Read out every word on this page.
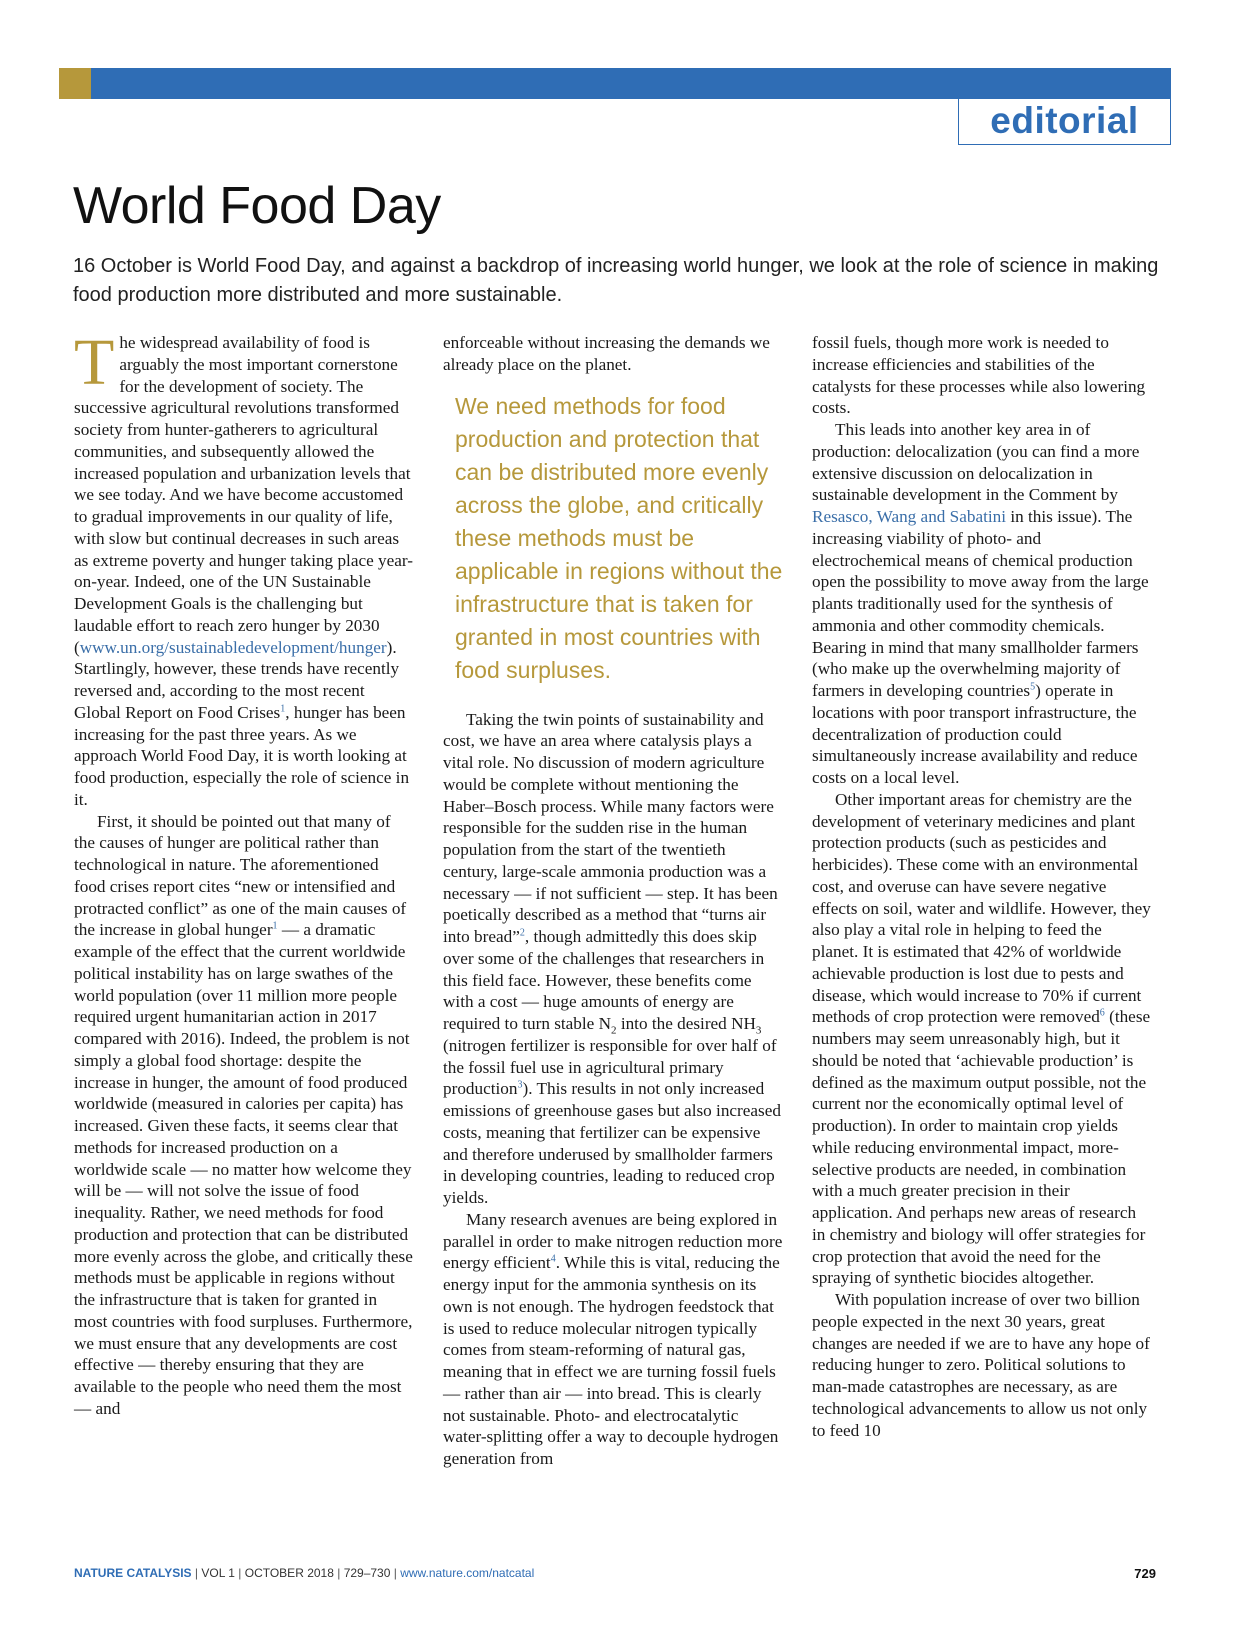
editorial
World Food Day

16 October is World Food Day, and against a backdrop of increasing world hunger, we look at the role of science in making food production more distributed and more sustainable.

The widespread availability of food is arguably the most important cornerstone for the development of society. The successive agricultural revolutions transformed society from hunter-gatherers to agricultural communities, and subsequently allowed the increased population and urbanization levels that we see today. And we have become accustomed to gradual improvements in our quality of life, with slow but continual decreases in such areas as extreme poverty and hunger taking place year-on-year. Indeed, one of the UN Sustainable Development Goals is the challenging but laudable effort to reach zero hunger by 2030 (www.un.org/sustainabledevelopment/hunger). Startlingly, however, these trends have recently reversed and, according to the most recent Global Report on Food Crises$^1$, hunger has been increasing for the past three years. As we approach World Food Day, it is worth looking at food production, especially the role of science in it.

First, it should be pointed out that many of the causes of hunger are political rather than technological in nature. The aforementioned food crises report cites “new or intensified and protracted conflict” as one of the main causes of the increase in global hunger$^1$ — a dramatic example of the effect that the current worldwide political instability has on large swathes of the world population (over 11 million more people required urgent humanitarian action in 2017 compared with 2016). Indeed, the problem is not simply a global food shortage: despite the increase in hunger, the amount of food produced worldwide (measured in calories per capita) has increased. Given these facts, it seems clear that methods for increased production on a worldwide scale — no matter how welcome they will be — will not solve the issue of food inequality. Rather, we need methods for food production and protection that can be distributed more evenly across the globe, and critically these methods must be applicable in regions without the infrastructure that is taken for granted in most countries with food surpluses. Furthermore, we must ensure that any developments are cost effective — thereby ensuring that they are available to the people who need them the most — and

enforceable without increasing the demands we already place on the planet.

We need methods for food production and protection that can be distributed more evenly across the globe, and critically these methods must be applicable in regions without the infrastructure that is taken for granted in most countries with food surpluses.

Taking the twin points of sustainability and cost, we have an area where catalysis plays a vital role. No discussion of modern agriculture would be complete without mentioning the Haber–Bosch process. While many factors were responsible for the sudden rise in the human population from the start of the twentieth century, large-scale ammonia production was a necessary — if not sufficient — step. It has been poetically described as a method that “turns air into bread”$^2$, though admittedly this does skip over some of the challenges that researchers in this field face. However, these benefits come with a cost — huge amounts of energy are required to turn stable $N_2$ into the desired $NH_3$ (nitrogen fertilizer is responsible for over half of the fossil fuel use in agricultural primary production$^3$). This results in not only increased emissions of greenhouse gases but also increased costs, meaning that fertilizer can be expensive and therefore underused by smallholder farmers in developing countries, leading to reduced crop yields.

Many research avenues are being explored in parallel in order to make nitrogen reduction more energy efficient$^4$. While this is vital, reducing the energy input for the ammonia synthesis on its own is not enough. The hydrogen feedstock that is used to reduce molecular nitrogen typically comes from steam-reforming of natural gas, meaning that in effect we are turning fossil fuels — rather than air — into bread. This is clearly not sustainable. Photo- and electrocatalytic water-splitting offer a way to decouple hydrogen generation from

fossil fuels, though more work is needed to increase efficiencies and stabilities of the catalysts for these processes while also lowering costs.

This leads into another key area in of production: delocalization (you can find a more extensive discussion on delocalization in sustainable development in the Comment by Resasco, Wang and Sabatini in this issue). The increasing viability of photo- and electrochemical means of chemical production open the possibility to move away from the large plants traditionally used for the synthesis of ammonia and other commodity chemicals. Bearing in mind that many smallholder farmers (who make up the overwhelming majority of farmers in developing countries$^5$) operate in locations with poor transport infrastructure, the decentralization of production could simultaneously increase availability and reduce costs on a local level.

Other important areas for chemistry are the development of veterinary medicines and plant protection products (such as pesticides and herbicides). These come with an environmental cost, and overuse can have severe negative effects on soil, water and wildlife. However, they also play a vital role in helping to feed the planet. It is estimated that 42% of worldwide achievable production is lost due to pests and disease, which would increase to 70% if current methods of crop protection were removed$^6$ (these numbers may seem unreasonably high, but it should be noted that ‘achievable production’ is defined as the maximum output possible, not the current nor the economically optimal level of production). In order to maintain crop yields while reducing environmental impact, more-selective products are needed, in combination with a much greater precision in their application. And perhaps new areas of research in chemistry and biology will offer strategies for crop protection that avoid the need for the spraying of synthetic biocides altogether.

With population increase of over two billion people expected in the next 30 years, great changes are needed if we are to have any hope of reducing hunger to zero. Political solutions to man-made catastrophes are necessary, as are technological advancements to allow us not only to feed 10

NATURE CATALYSIS | VOL 1 | OCTOBER 2018 | 729–730 | www.nature.com/natcatal	729
